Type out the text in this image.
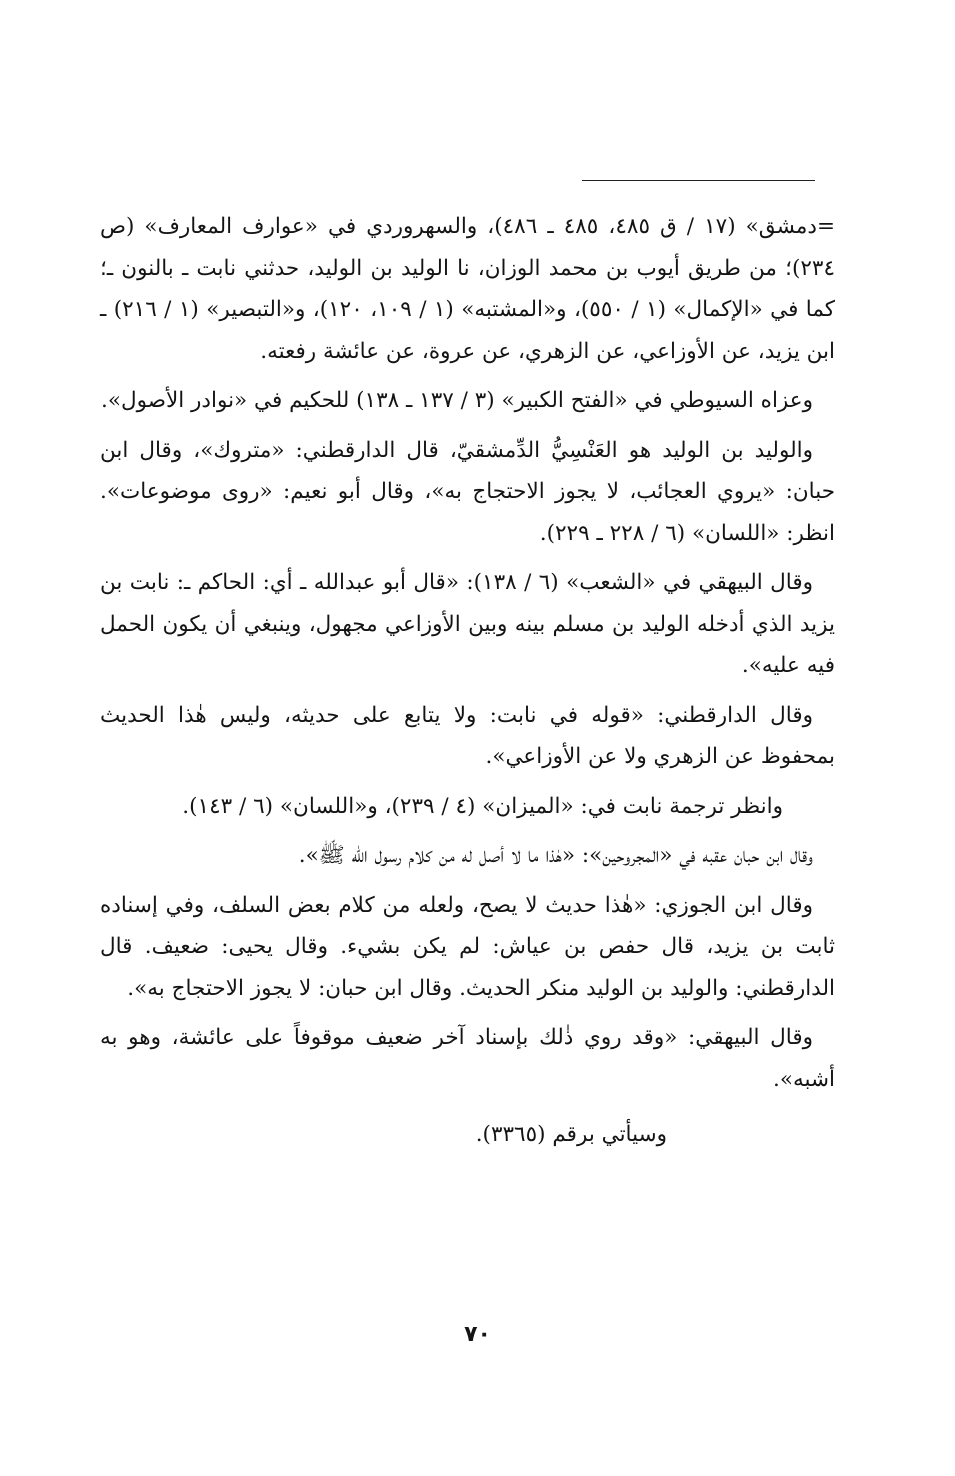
=دمشق» (١٧ / ق ٤٨٥، ٤٨٥ ـ ٤٨٦)، والسهروردي في «عوارف المعارف» (ص ٢٣٤)؛ من طريق أيوب بن محمد الوزان، نا الوليد بن الوليد، حدثني نابت ـ بالنون ـ؛ كما في «الإكمال» (١ / ٥٥٠)، و«المشتبه» (١ / ١٠٩، ١٢٠)، و«التبصير» (١ / ٢١٦) ـ ابن يزيد، عن الأوزاعي، عن الزهري، عن عروة، عن عائشة رفعته.

وعزاه السيوطي في «الفتح الكبير» (٣ / ١٣٧ ـ ١٣٨) للحكيم في «نوادر الأصول».

والوليد بن الوليد هو العَنْسِيُّ الدِّمشقيّ، قال الدارقطني: «متروك»، وقال ابن حبان: «يروي العجائب، لا يجوز الاحتجاج به»، وقال أبو نعيم: «روى موضوعات». انظر: «اللسان» (٦ / ٢٢٨ ـ ٢٢٩).

وقال البيهقي في «الشعب» (٦ / ١٣٨): «قال أبو عبدالله ـ أي: الحاكم ـ: نابت بن يزيد الذي أدخله الوليد بن مسلم بينه وبين الأوزاعي مجهول، وينبغي أن يكون الحمل فيه عليه».

وقال الدارقطني: «قوله في نابت: ولا يتابع على حديثه، وليس هٰذا الحديث بمحفوظ عن الزهري ولا عن الأوزاعي».

وانظر ترجمة نابت في: «الميزان» (٤ / ٢٣٩)، و«اللسان» (٦ / ١٤٣).

وقال ابن حبان عقبه في «المجروحين»: «هٰذا ما لا أصل له من كلام رسول الله ﷺ».

وقال ابن الجوزي: «هٰذا حديث لا يصح، ولعله من كلام بعض السلف، وفي إسناده ثابت بن يزيد، قال حفص بن عياش: لم يكن بشيء. وقال يحيى: ضعيف. قال الدارقطني: والوليد بن الوليد منكر الحديث. وقال ابن حبان: لا يجوز الاحتجاج به».

وقال البيهقي: «وقد روي ذٰلك بإسناد آخر ضعيف موقوفاً على عائشة، وهو به أشبه».

وسيأتي برقم (٣٣٦٥).

٧٠
